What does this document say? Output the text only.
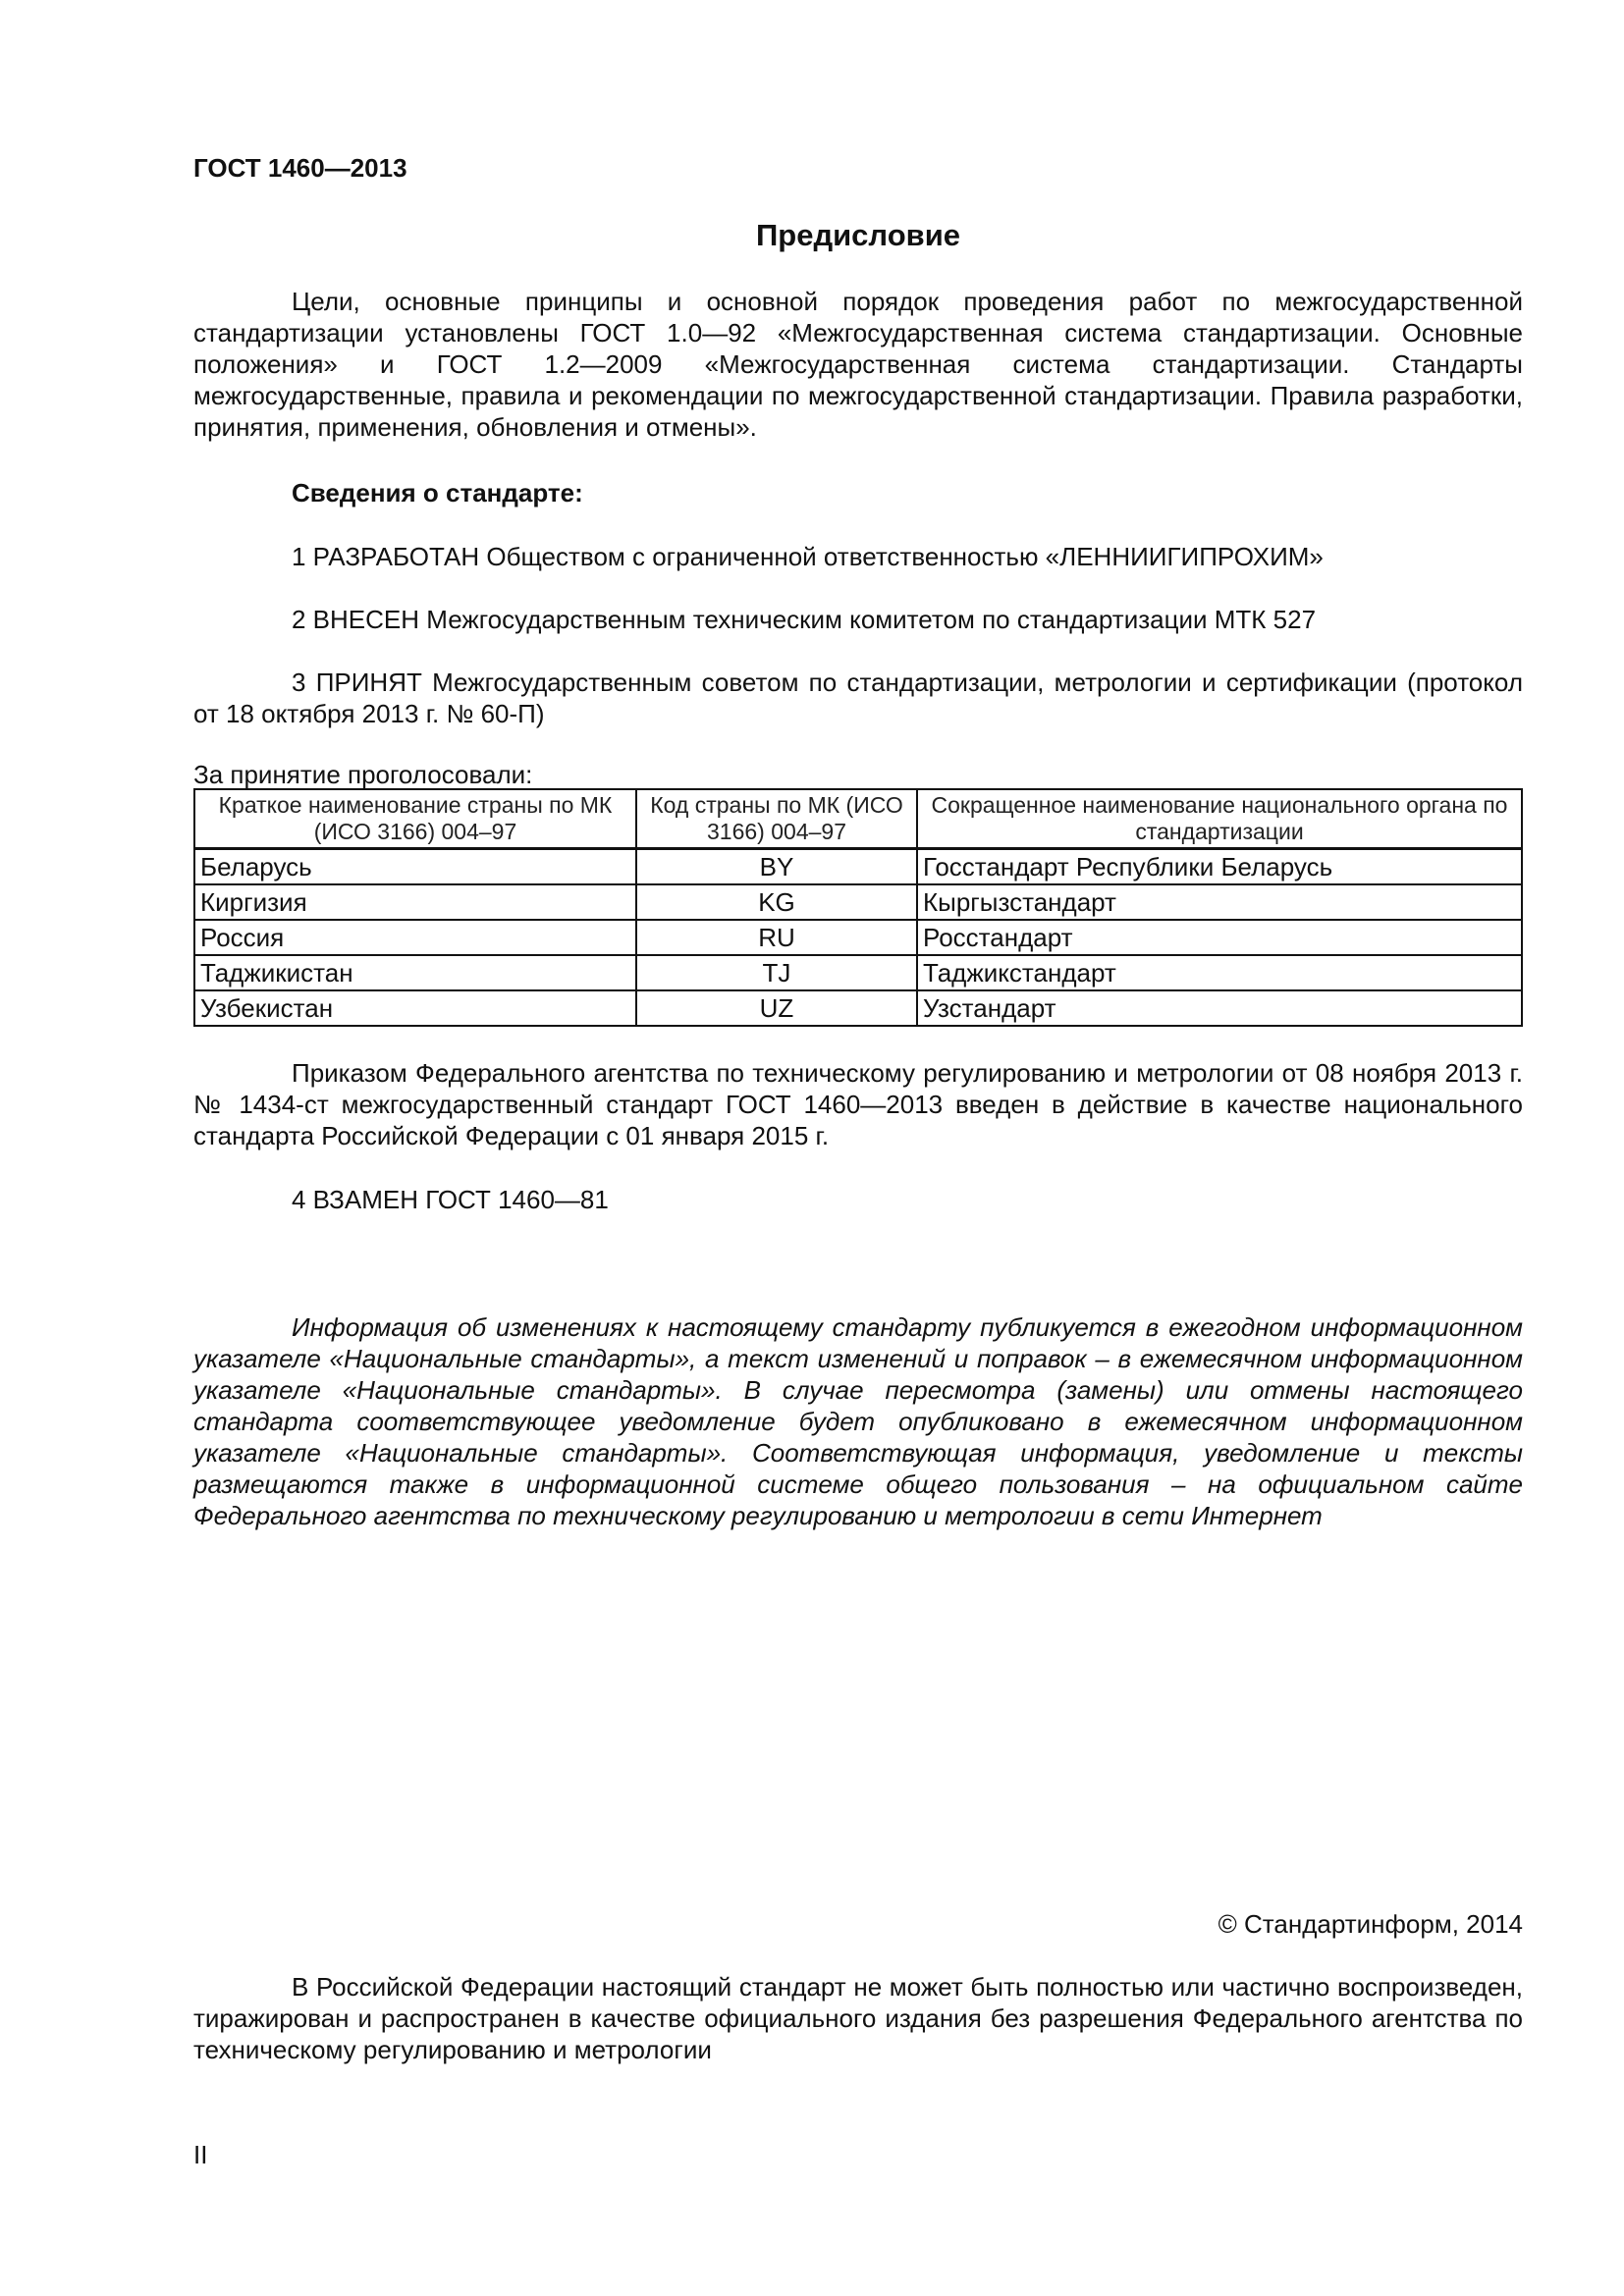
ГОСТ 1460—2013
Предисловие

Цели, основные принципы и основной порядок проведения работ по межгосударственной стандартизации установлены ГОСТ 1.0—92 «Межгосударственная система стандартизации. Основные положения» и ГОСТ 1.2—2009 «Межгосударственная система стандартизации. Стандарты межгосударственные, правила и рекомендации по межгосударственной стандартизации. Правила разработки, принятия, применения, обновления и отмены».

Сведения о стандарте:

1 РАЗРАБОТАН Обществом с ограниченной ответственностью «ЛЕННИИГИПРОХИМ»

2 ВНЕСЕН Межгосударственным техническим комитетом по стандартизации МТК 527

3 ПРИНЯТ Межгосударственным советом по стандартизации, метрологии и сертификации (протокол от 18 октября 2013 г. № 60-П)

За принятие проголосовали:

Краткое наименование страны по МК (ИСО 3166) 004–97	Код страны по МК (ИСО 3166) 004–97	Сокращенное наименование национального органа по стандартизации
Беларусь	BY	Госстандарт Республики Беларусь
Киргизия	KG	Кыргызстандарт
Россия	RU	Росстандарт
Таджикистан	TJ	Таджикстандарт
Узбекистан	UZ	Узстандарт

Приказом Федерального агентства по техническому регулированию и метрологии от 08 ноября 2013 г. № 1434-ст межгосударственный стандарт ГОСТ 1460—2013 введен в действие в качестве национального стандарта Российской Федерации с 01 января 2015 г.

4 ВЗАМЕН ГОСТ 1460—81

Информация об изменениях к настоящему стандарту публикуется в ежегодном информационном указателе «Национальные стандарты», а текст изменений и поправок – в ежемесячном информационном указателе «Национальные стандарты». В случае пересмотра (замены) или отмены настоящего стандарта соответствующее уведомление будет опубликовано в ежемесячном информационном указателе «Национальные стандарты». Соответствующая информация, уведомление и тексты размещаются также в информационной системе общего пользования – на официальном сайте Федерального агентства по техническому регулированию и метрологии в сети Интернет

© Стандартинформ, 2014

В Российской Федерации настоящий стандарт не может быть полностью или частично воспроизведен, тиражирован и распространен в качестве официального издания без разрешения Федерального агентства по техническому регулированию и метрологии

II
